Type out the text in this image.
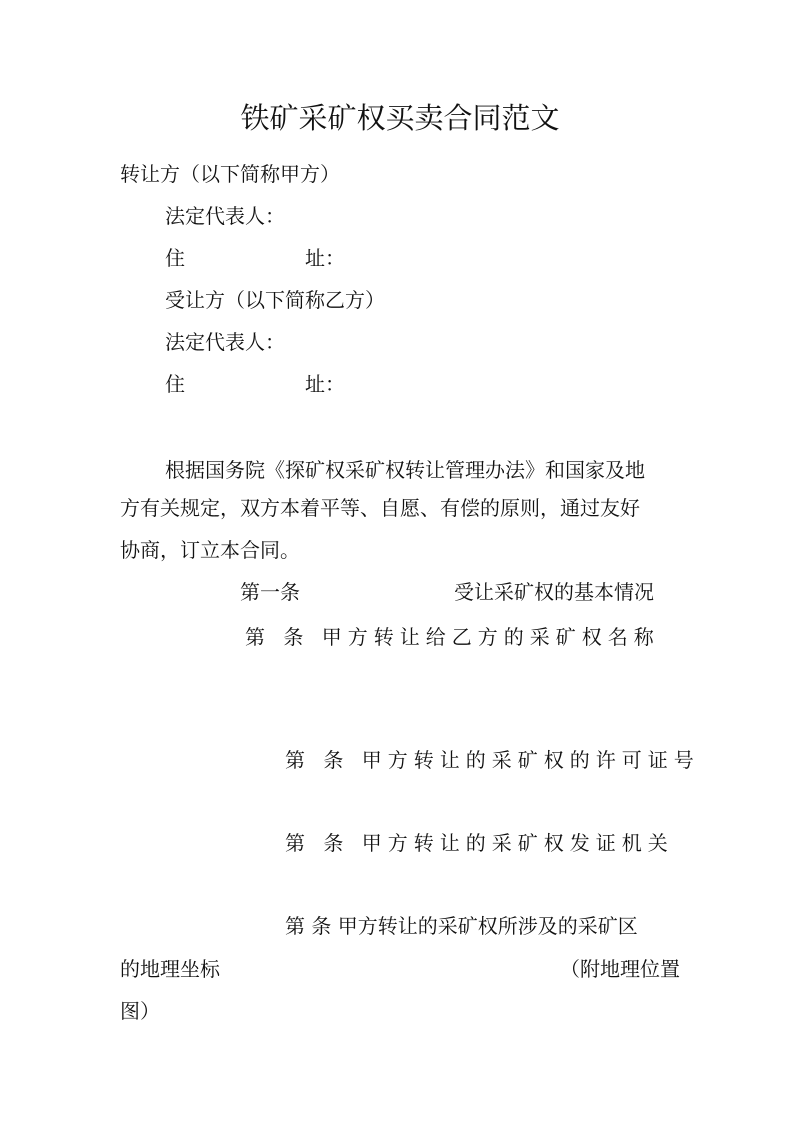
铁矿采矿权买卖合同范文
转让方（以下简称甲方）
法定代表人：
住	址：
受让方（以下简称乙方）
法定代表人：
住	址：
根据国务院《探矿权采矿权转让管理办法》和国家及地
方有关规定，双方本着平等、自愿、有偿的原则，通过友好
协商，订立本合同。
第一条	受让采矿权的基本情况
第 条 甲方转让给乙方的采矿权名称
第 条 甲方转让的采矿权的许可证号
第 条 甲方转让的采矿权发证机关
第 条 甲方转让的采矿权所涉及的采矿区
的地理坐标	（附地理位置
图）
